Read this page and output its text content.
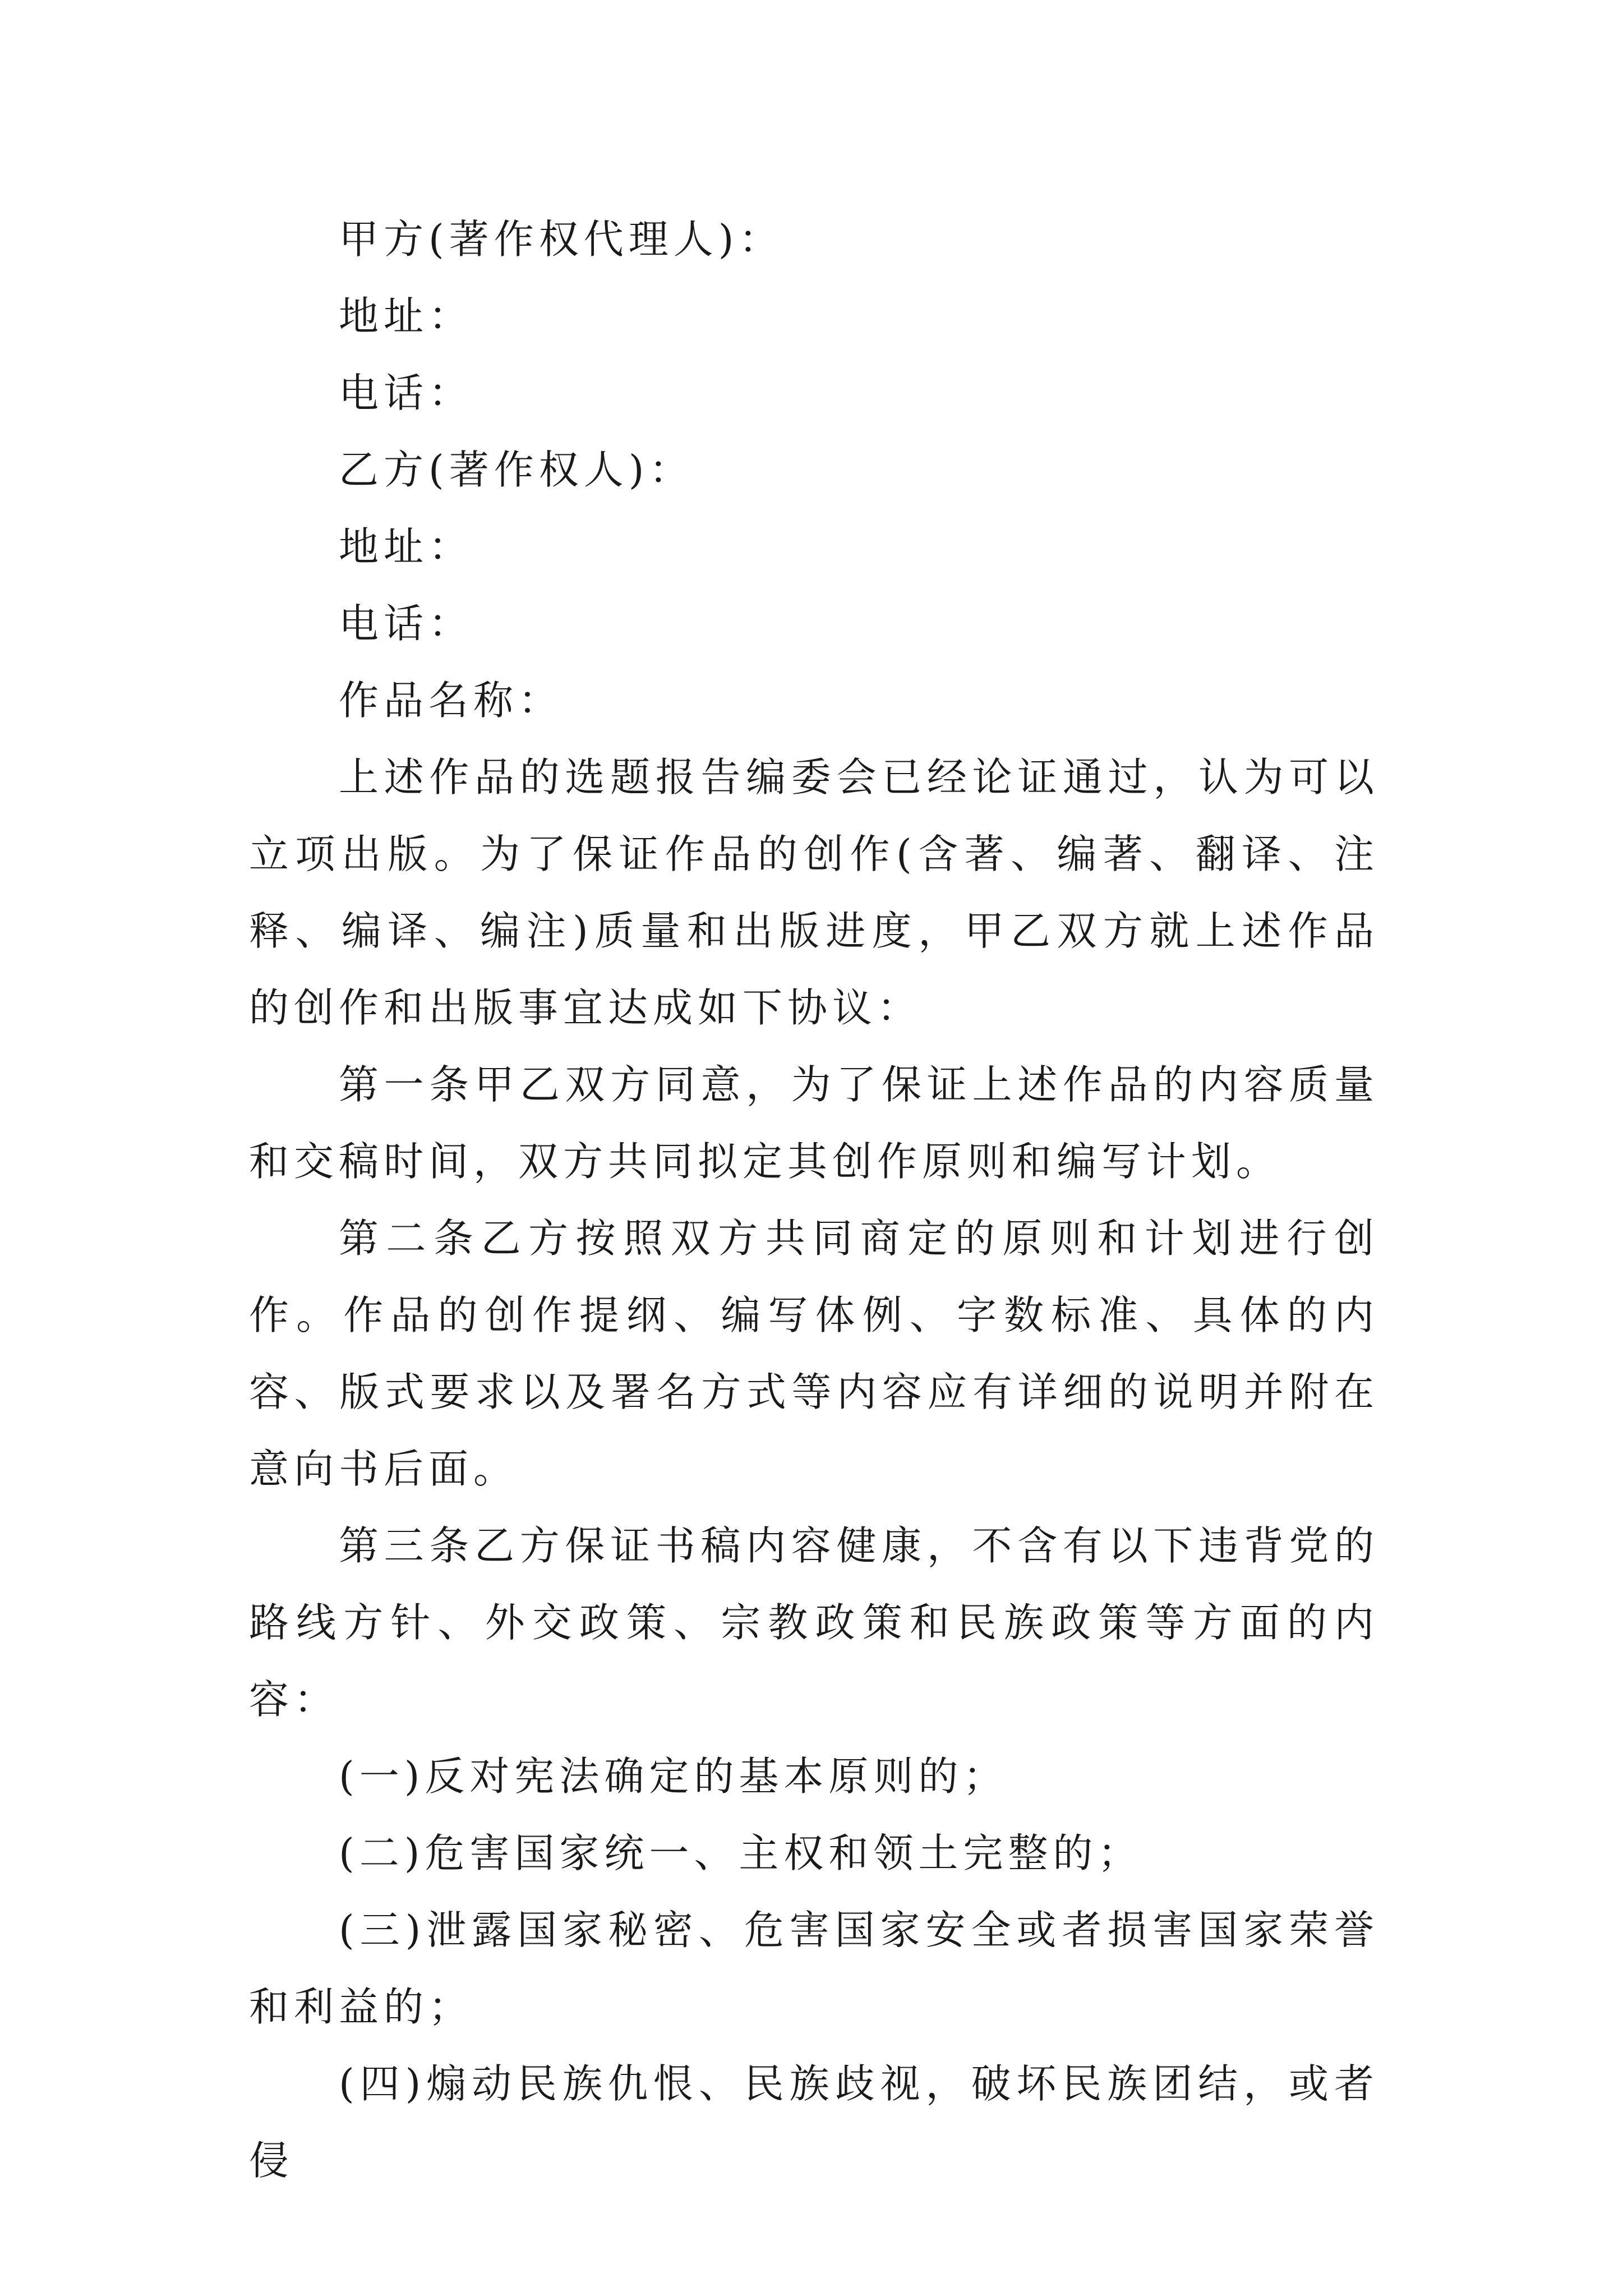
甲方(著作权代理人)：

地址：

电话：

乙方(著作权人)：

地址：

电话：

作品名称：

上述作品的选题报告编委会已经论证通过，认为可以立项出版。为了保证作品的创作(含著、编著、翻译、注释、编译、编注)质量和出版进度，甲乙双方就上述作品的创作和出版事宜达成如下协议：

第一条甲乙双方同意，为了保证上述作品的内容质量和交稿时间，双方共同拟定其创作原则和编写计划。

第二条乙方按照双方共同商定的原则和计划进行创作。作品的创作提纲、编写体例、字数标准、具体的内容、版式要求以及署名方式等内容应有详细的说明并附在意向书后面。

第三条乙方保证书稿内容健康，不含有以下违背党的路线方针、外交政策、宗教政策和民族政策等方面的内容：

(一)反对宪法确定的基本原则的；

(二)危害国家统一、主权和领土完整的；

(三)泄露国家秘密、危害国家安全或者损害国家荣誉和利益的；

(四)煽动民族仇恨、民族歧视，破坏民族团结，或者侵
